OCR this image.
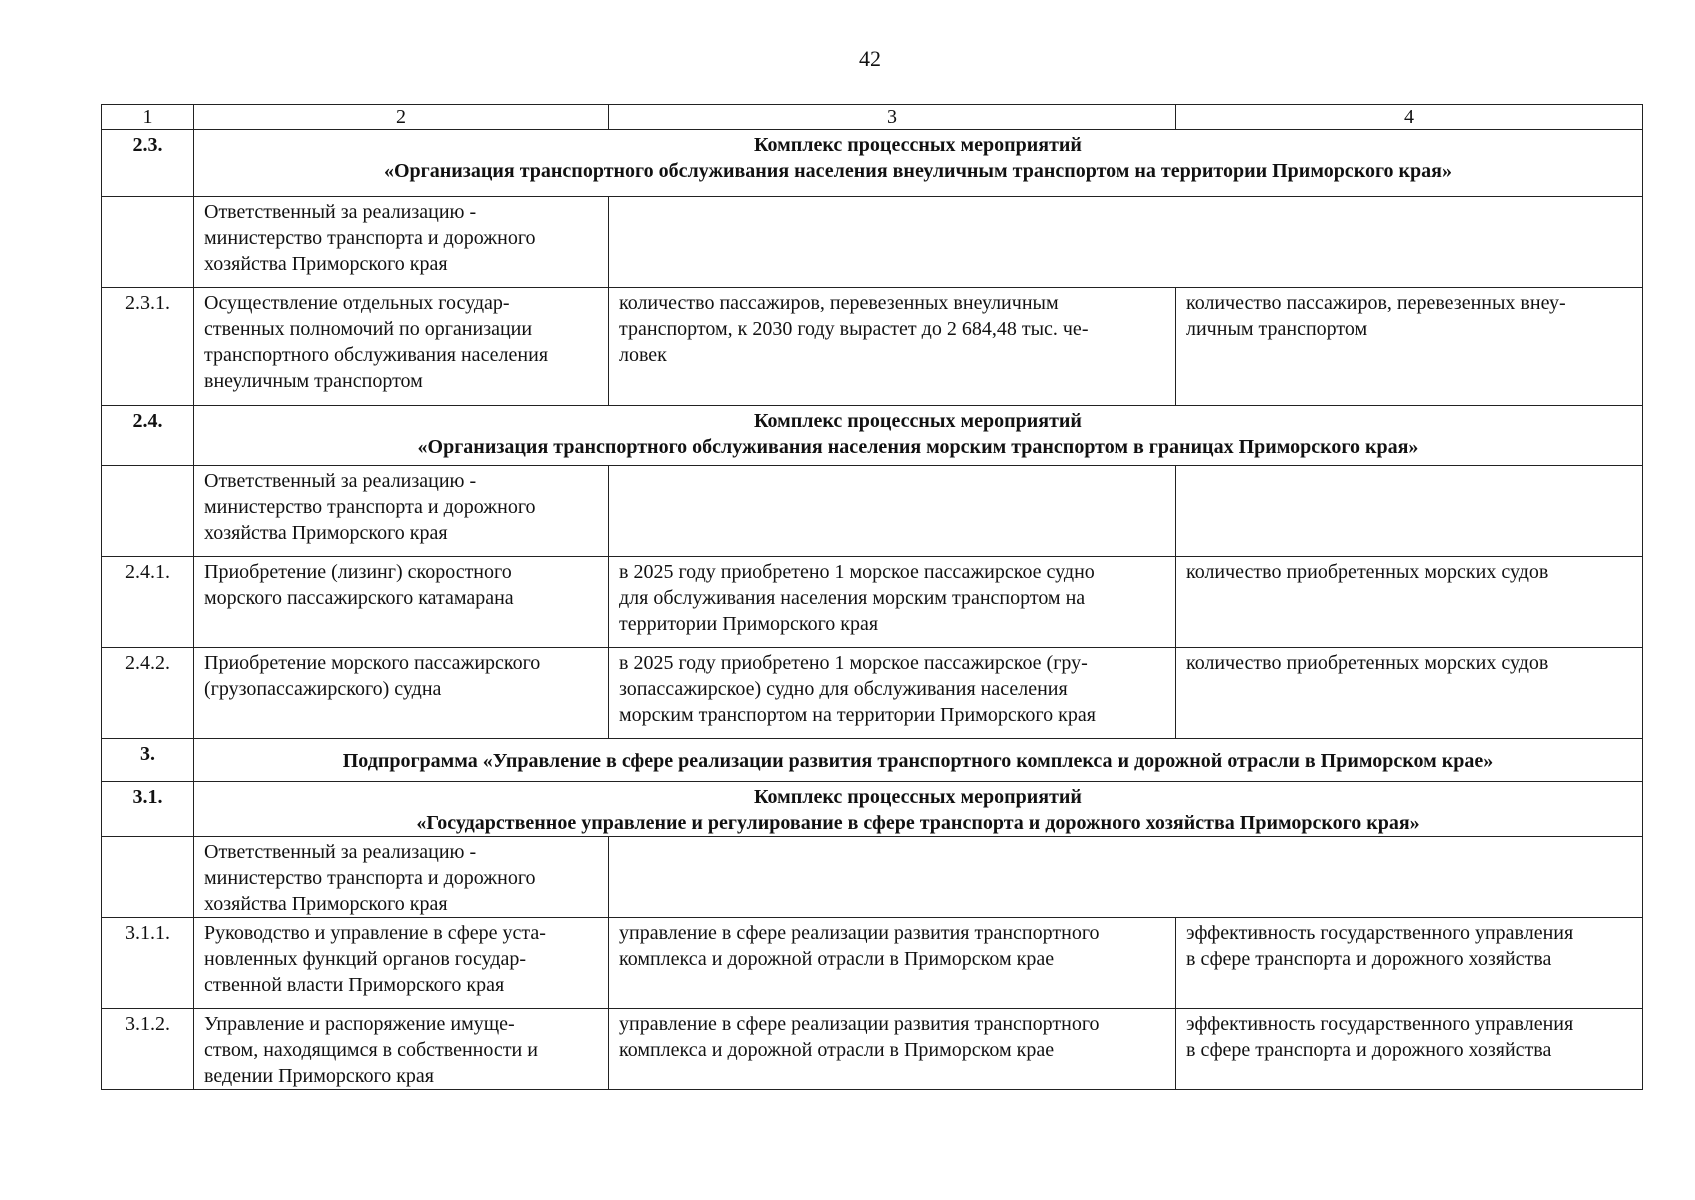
42
1	2	3	4
2.3.	Комплекс процессных мероприятий
«Организация транспортного обслуживания населения внеуличным транспортом на территории Приморского края»		

	Ответственный за реализацию -
министерство транспорта и дорожного
хозяйства Приморского края		

2.3.1.	Осуществление отдельных государ-
ственных полномочий по организации
транспортного обслуживания населения
внеуличным транспортом	количество пассажиров, перевезенных внеуличным
транспортом, к 2030 году вырастет до 2 684,48 тыс. че-
ловек	количество пассажиров, перевезенных внеу-
личным транспортом

2.4.	Комплекс процессных мероприятий
«Организация транспортного обслуживания населения морским транспортом в границах Приморского края»		

	Ответственный за реализацию -
министерство транспорта и дорожного
хозяйства Приморского края		

2.4.1.	Приобретение (лизинг) скоростного
морского пассажирского катамарана	в 2025 году приобретено 1 морское пассажирское судно
для обслуживания населения морским транспортом на
территории Приморского края	количество приобретенных морских судов

2.4.2.	Приобретение морского пассажирского
(грузопассажирского) судна	в 2025 году приобретено 1 морское пассажирское (гру-
зопассажирское) судно для обслуживания населения
морским транспортом на территории Приморского края	количество приобретенных морских судов

3.	Подпрограмма «Управление в сфере реализации развития транспортного комплекса и дорожной отрасли в Приморском крае»		
3.1.	Комплекс процессных мероприятий
«Государственное управление и регулирование в сфере транспорта и дорожного хозяйства Приморского края»		

	Ответственный за реализацию -
министерство транспорта и дорожного
хозяйства Приморского края		

3.1.1.	Руководство и управление в сфере уста-
новленных функций органов государ-
ственной власти Приморского края	управление в сфере реализации развития транспортного
комплекса и дорожной отрасли в Приморском крае	эффективность государственного управления
в сфере транспорта и дорожного хозяйства

3.1.2.	Управление и распоряжение имуще-
ством, находящимся в собственности и
ведении Приморского края	управление в сфере реализации развития транспортного
комплекса и дорожной отрасли в Приморском крае	эффективность государственного управления
в сфере транспорта и дорожного хозяйства
